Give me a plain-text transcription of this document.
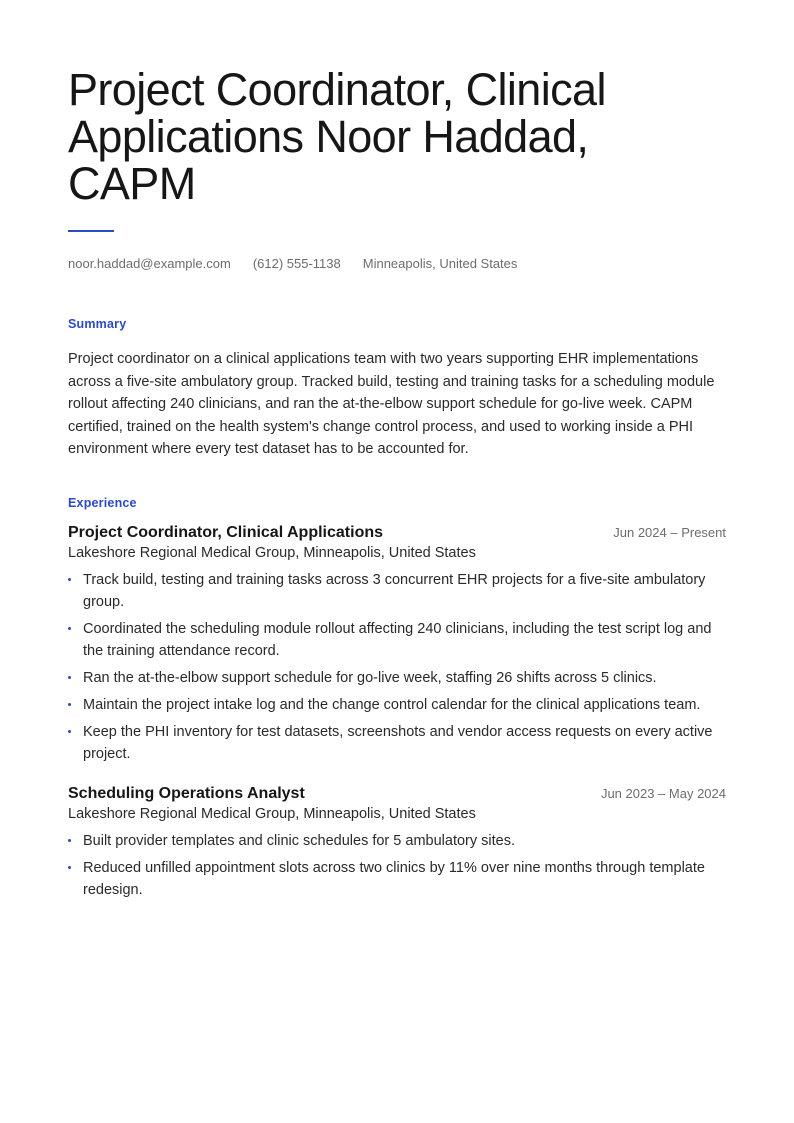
Project Coordinator, Clinical Applications Noor Haddad, CAPM
noor.haddad@example.com (612) 555-1138 Minneapolis, United States
Summary

Project coordinator on a clinical applications team with two years supporting EHR implementations across a five-site ambulatory group. Tracked build, testing and training tasks for a scheduling module rollout affecting 240 clinicians, and ran the at-the-elbow support schedule for go-live week. CAPM certified, trained on the health system's change control process, and used to working inside a PHI environment where every test dataset has to be accounted for.

Experience
Project Coordinator, Clinical Applications	Jun 2024 – Present
Lakeshore Regional Medical Group, Minneapolis, United States
Track build, testing and training tasks across 3 concurrent EHR projects for a five-site ambulatory group.
Coordinated the scheduling module rollout affecting 240 clinicians, including the test script log and the training attendance record.
Ran the at-the-elbow support schedule for go-live week, staffing 26 shifts across 5 clinics.
Maintain the project intake log and the change control calendar for the clinical applications team.
Keep the PHI inventory for test datasets, screenshots and vendor access requests on every active project.
Scheduling Operations Analyst	Jun 2023 – May 2024
Lakeshore Regional Medical Group, Minneapolis, United States
Built provider templates and clinic schedules for 5 ambulatory sites.
Reduced unfilled appointment slots across two clinics by 11% over nine months through template redesign.
